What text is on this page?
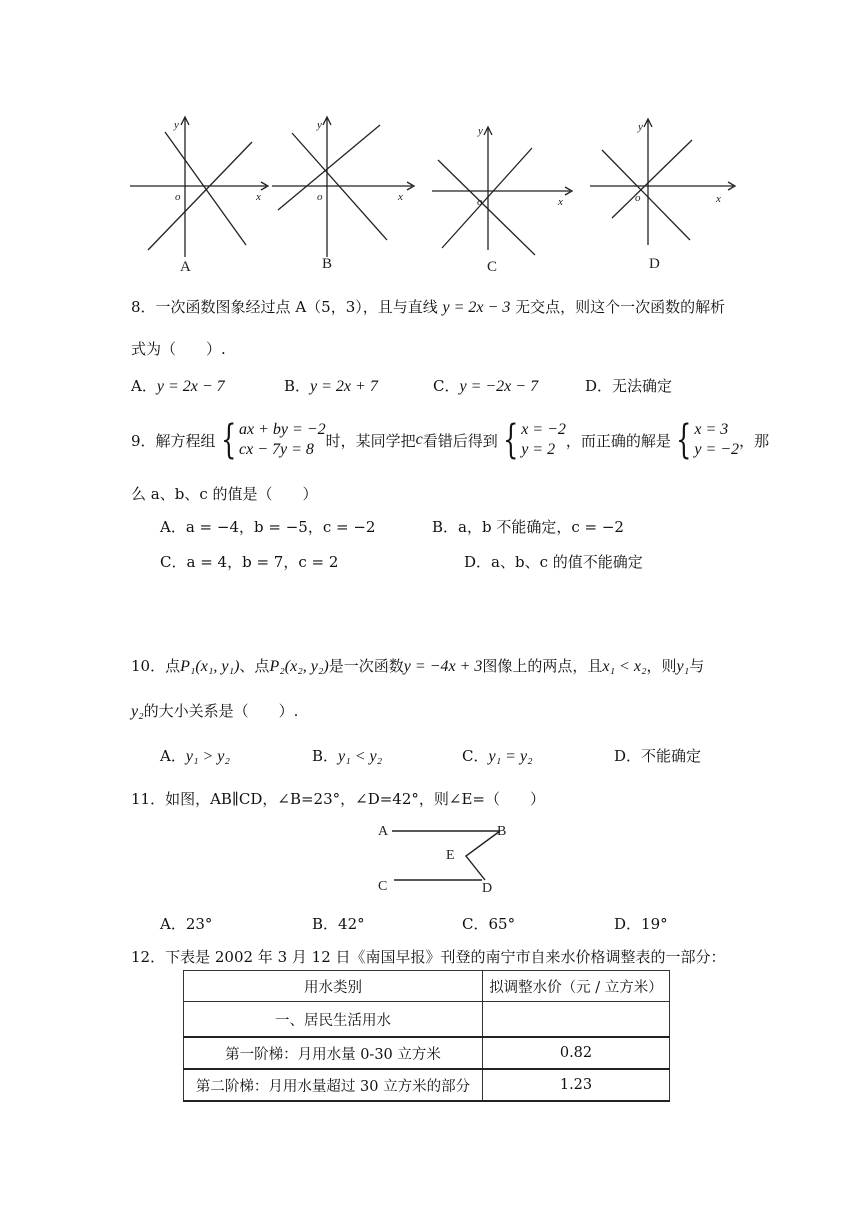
y
x
o
y
x
o
y
x
o
y
x
o
A	B	C	D
8．一次函数图象经过点 A（5，3），且与直线 y = 2x − 3 无交点，则这个一次函数的解析
式为（　　）.
A．y = 2x − 7	B．y = 2x + 7	C．y = −2x − 7	D．无法确定
9．解方程组 { ax + by = −2
cx − 7y = 8 时，某同学把 c 看错后得到 { x = −2
y = 2 ，而正确的解是 { x = 3
y = −2 ，那
么 a、b、c 的值是（　　）
A．a = −4，b = −5，c = −2	B．a，b 不能确定，c = −2
C．a = 4，b = 7，c = 2	D．a、b、c 的值不能确定
10．点P₁(x₁, y₁)、点P₂(x₂, y₂)是一次函数y = −4x + 3图像上的两点，且x₁ < x₂，则y₁与
y₂的大小关系是（　　）.
A．y₁ > y₂	B．y₁ < y₂	C．y₁ = y₂	D．不能确定
11．如图，AB∥CD，∠B=23°，∠D=42°，则∠E=（　　）
A	B
E
C	D
A．23°	B．42°	C．65°	D．19°
12．下表是 2002 年 3 月 12 日《南国早报》刊登的南宁市自来水价格调整表的一部分：
用水类别	拟调整水价（元 / 立方米）
一、居民生活用水	
第一阶梯：月用水量 0-30 立方米	0.82
第二阶梯：月用水量超过 30 立方米的部分	1.23
